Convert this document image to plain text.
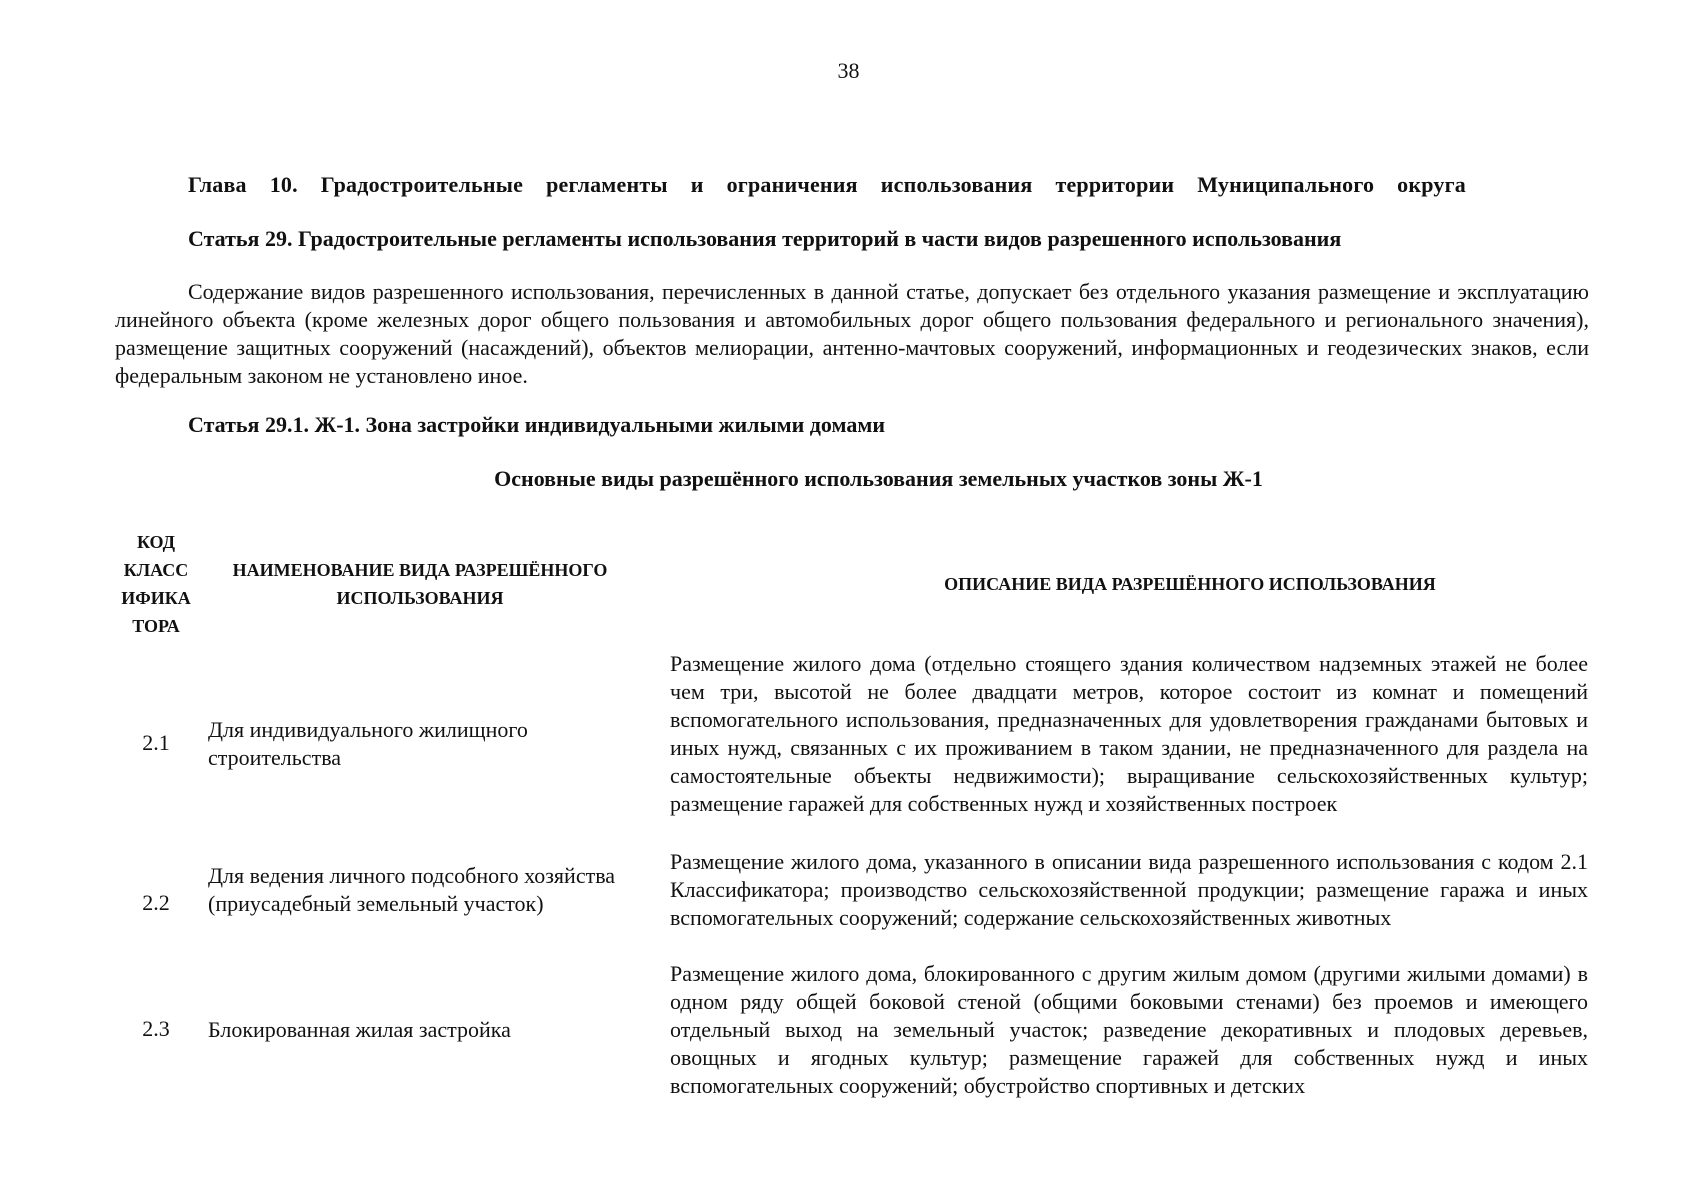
38
Глава 10. Градостроительные регламенты и ограничения использования территории Муниципального округа
Статья 29. Градостроительные регламенты использования территорий в части видов разрешенного использования

Содержание видов разрешенного использования, перечисленных в данной статье, допускает без отдельного указания размещение и эксплуатацию линейного объекта (кроме железных дорог общего пользования и автомобильных дорог общего пользования федерального и регионального значения), размещение защитных сооружений (насаждений), объектов мелиорации, антенно-мачтовых сооружений, информационных и геодезических знаков, если федеральным законом не установлено иное.

Статья 29.1. Ж-1. Зона застройки индивидуальными жилыми домами
Основные виды разрешённого использования земельных участков зоны Ж-1
КОД
КЛАСС
ИФИКА
ТОРА
НАИМЕНОВАНИЕ ВИДА РАЗРЕШЁННОГО
ИСПОЛЬЗОВАНИЯ
ОПИСАНИЕ ВИДА РАЗРЕШЁННОГО ИСПОЛЬЗОВАНИЯ
2.1
Для индивидуального жилищного строительства
Размещение жилого дома (отдельно стоящего здания количеством надземных этажей не более чем три, высотой не более двадцати метров, которое состоит из комнат и помещений вспомогательного использования, предназначенных для удовлетворения гражданами бытовых и иных нужд, связанных с их проживанием в таком здании, не предназначенного для раздела на самостоятельные объекты недвижимости); выращивание сельскохозяйственных культур; размещение гаражей для собственных нужд и хозяйственных построек
2.2
Для ведения личного подсобного хозяйства (приусадебный земельный участок)
Размещение жилого дома, указанного в описании вида разрешенного использования с кодом 2.1 Классификатора; производство сельскохозяйственной продукции; размещение гаража и иных вспомогательных сооружений; содержание сельскохозяйственных животных
2.3	Блокированная жилая застройка
Размещение жилого дома, блокированного с другим жилым домом (другими жилыми домами) в одном ряду общей боковой стеной (общими боковыми стенами) без проемов и имеющего отдельный выход на земельный участок; разведение декоративных и плодовых деревьев, овощных и ягодных культур; размещение гаражей для собственных нужд и иных вспомогательных сооружений; обустройство спортивных и детских
